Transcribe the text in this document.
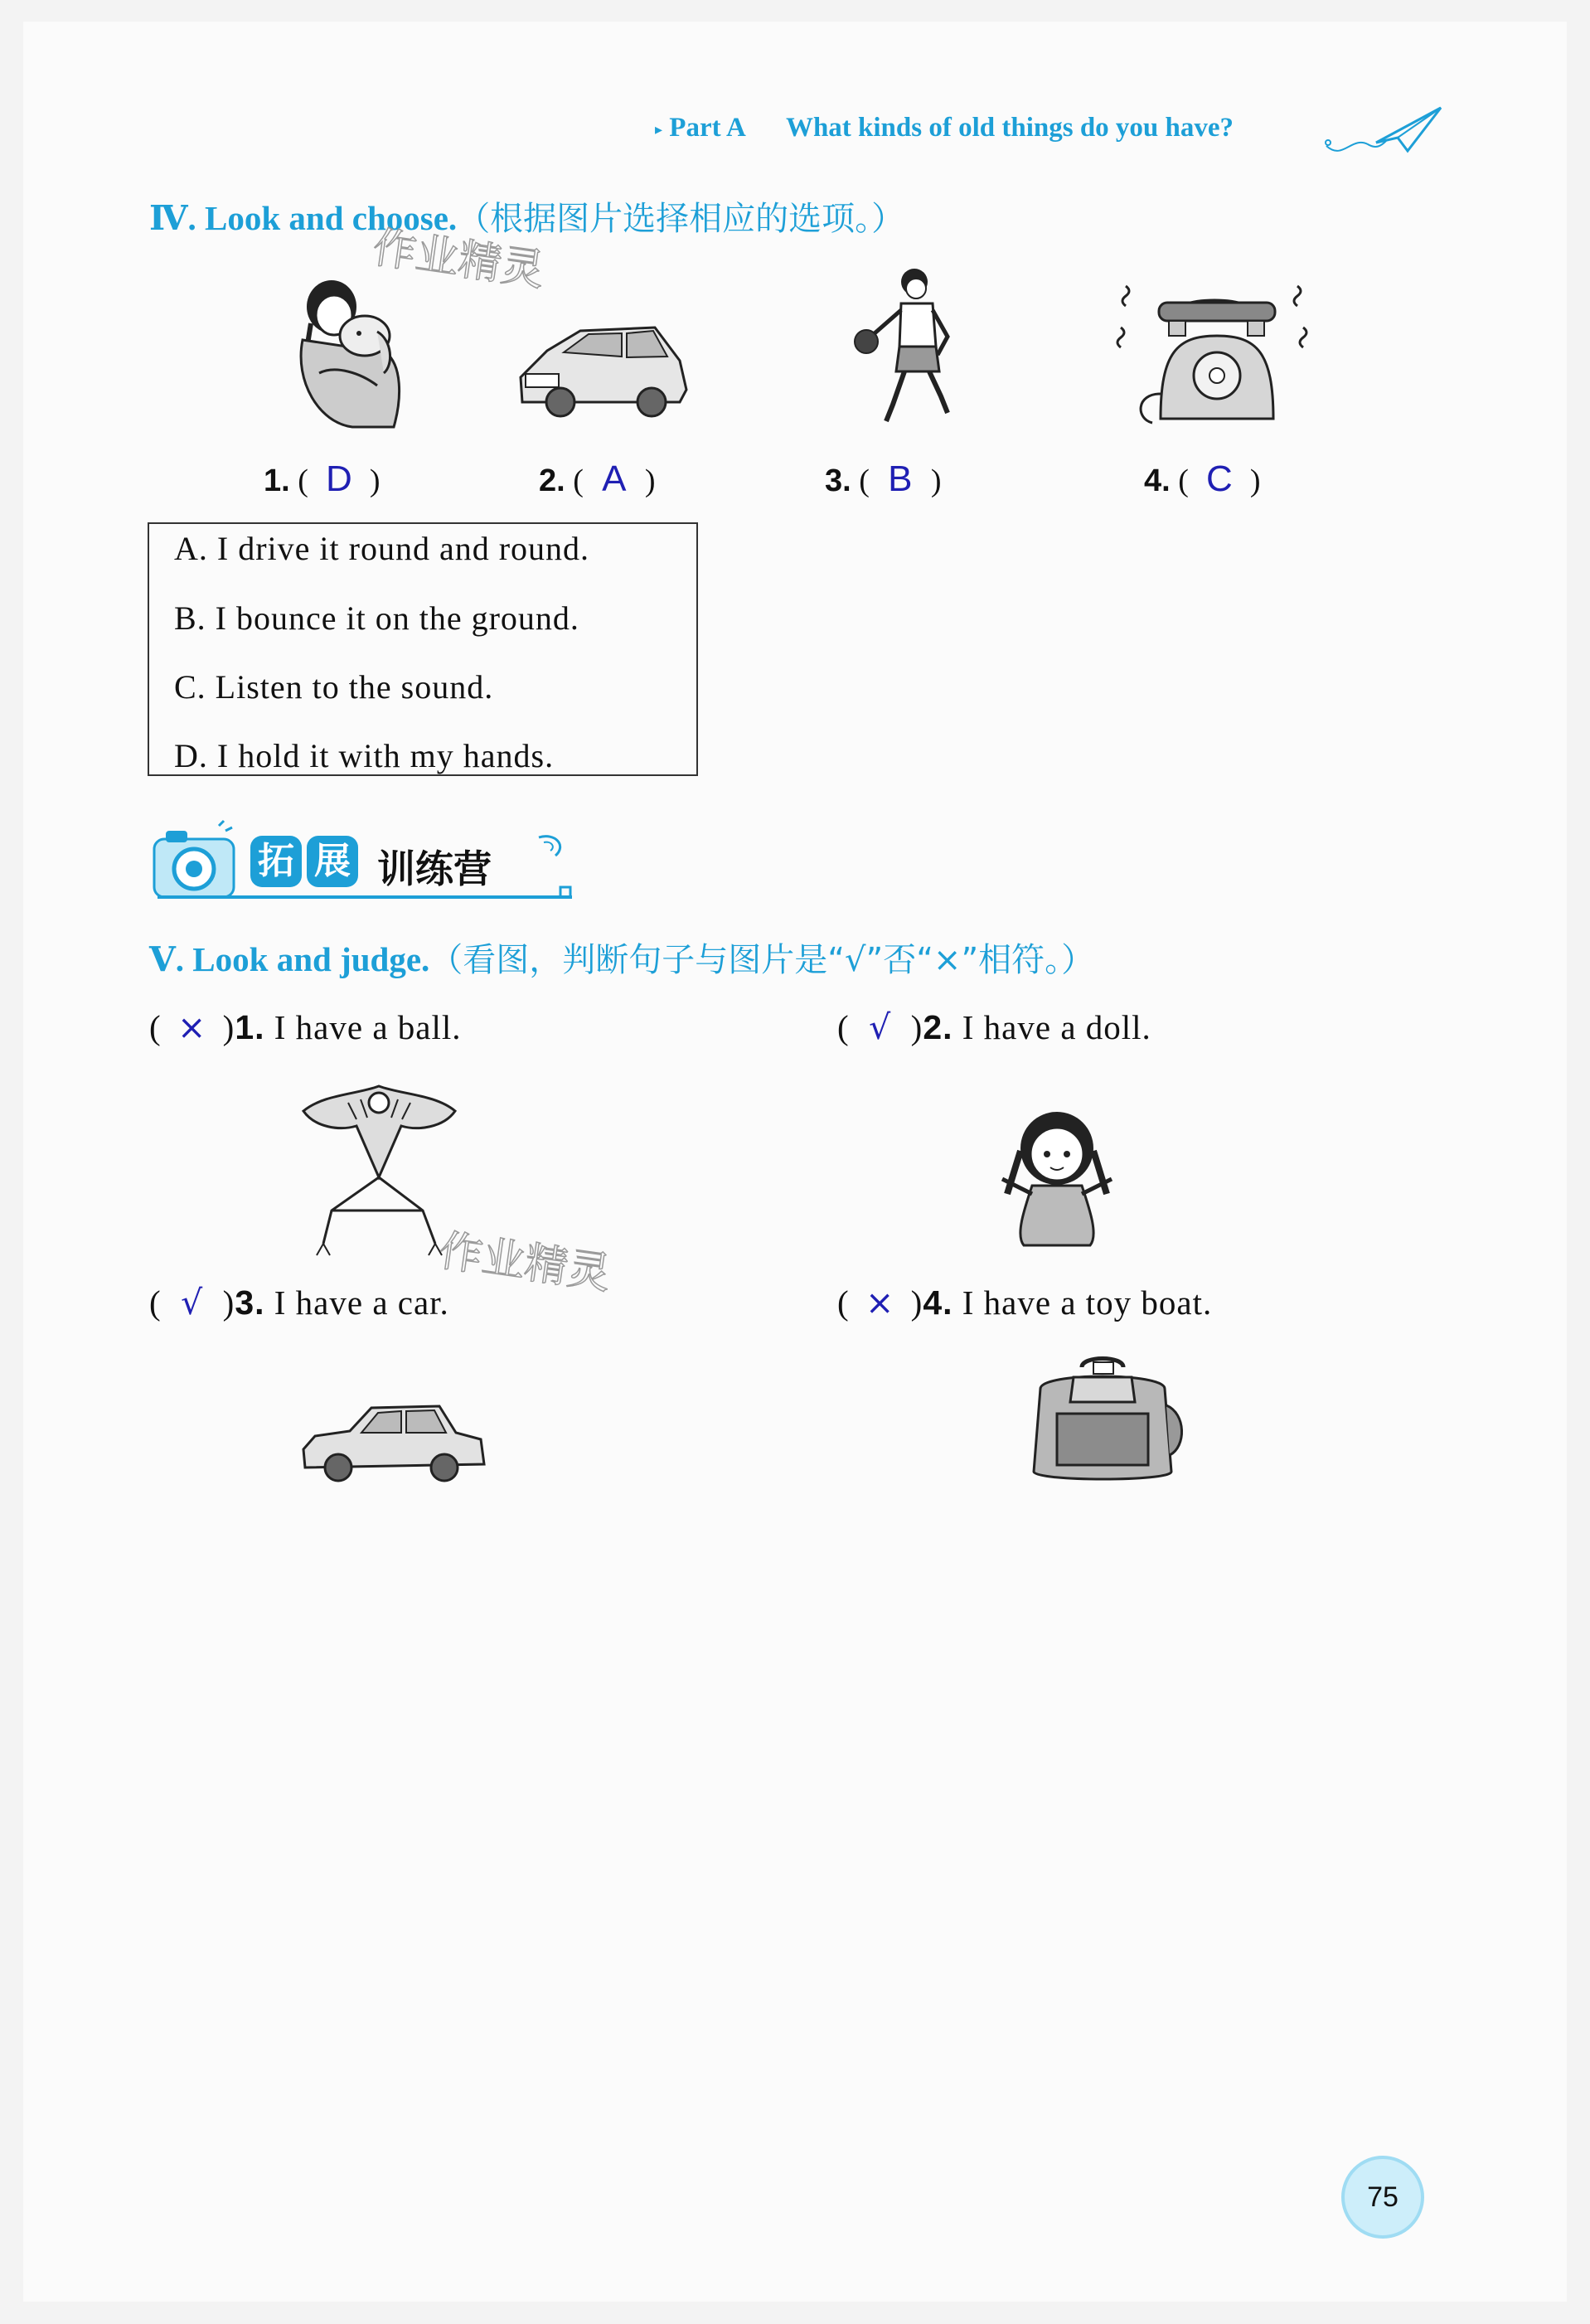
▸ Part A What kinds of old things do you have?
Ⅳ. Look and choose.（根据图片选择相应的选项。）
作业精灵
1. ( D )	2. ( A )	3. ( B )	4. ( C )
A. I drive it round and round.
B. I bounce it on the ground.
C. Listen to the sound.
D. I hold it with my hands.
拓 展 训练营
Ⅴ. Look and judge.（看图，判断句子与图片是“√”否“×”相符。）
( × )1. I have a ball.	( √ )2. I have a doll.
作业精灵
( √ )3. I have a car.	( × )4. I have a toy boat.
75
